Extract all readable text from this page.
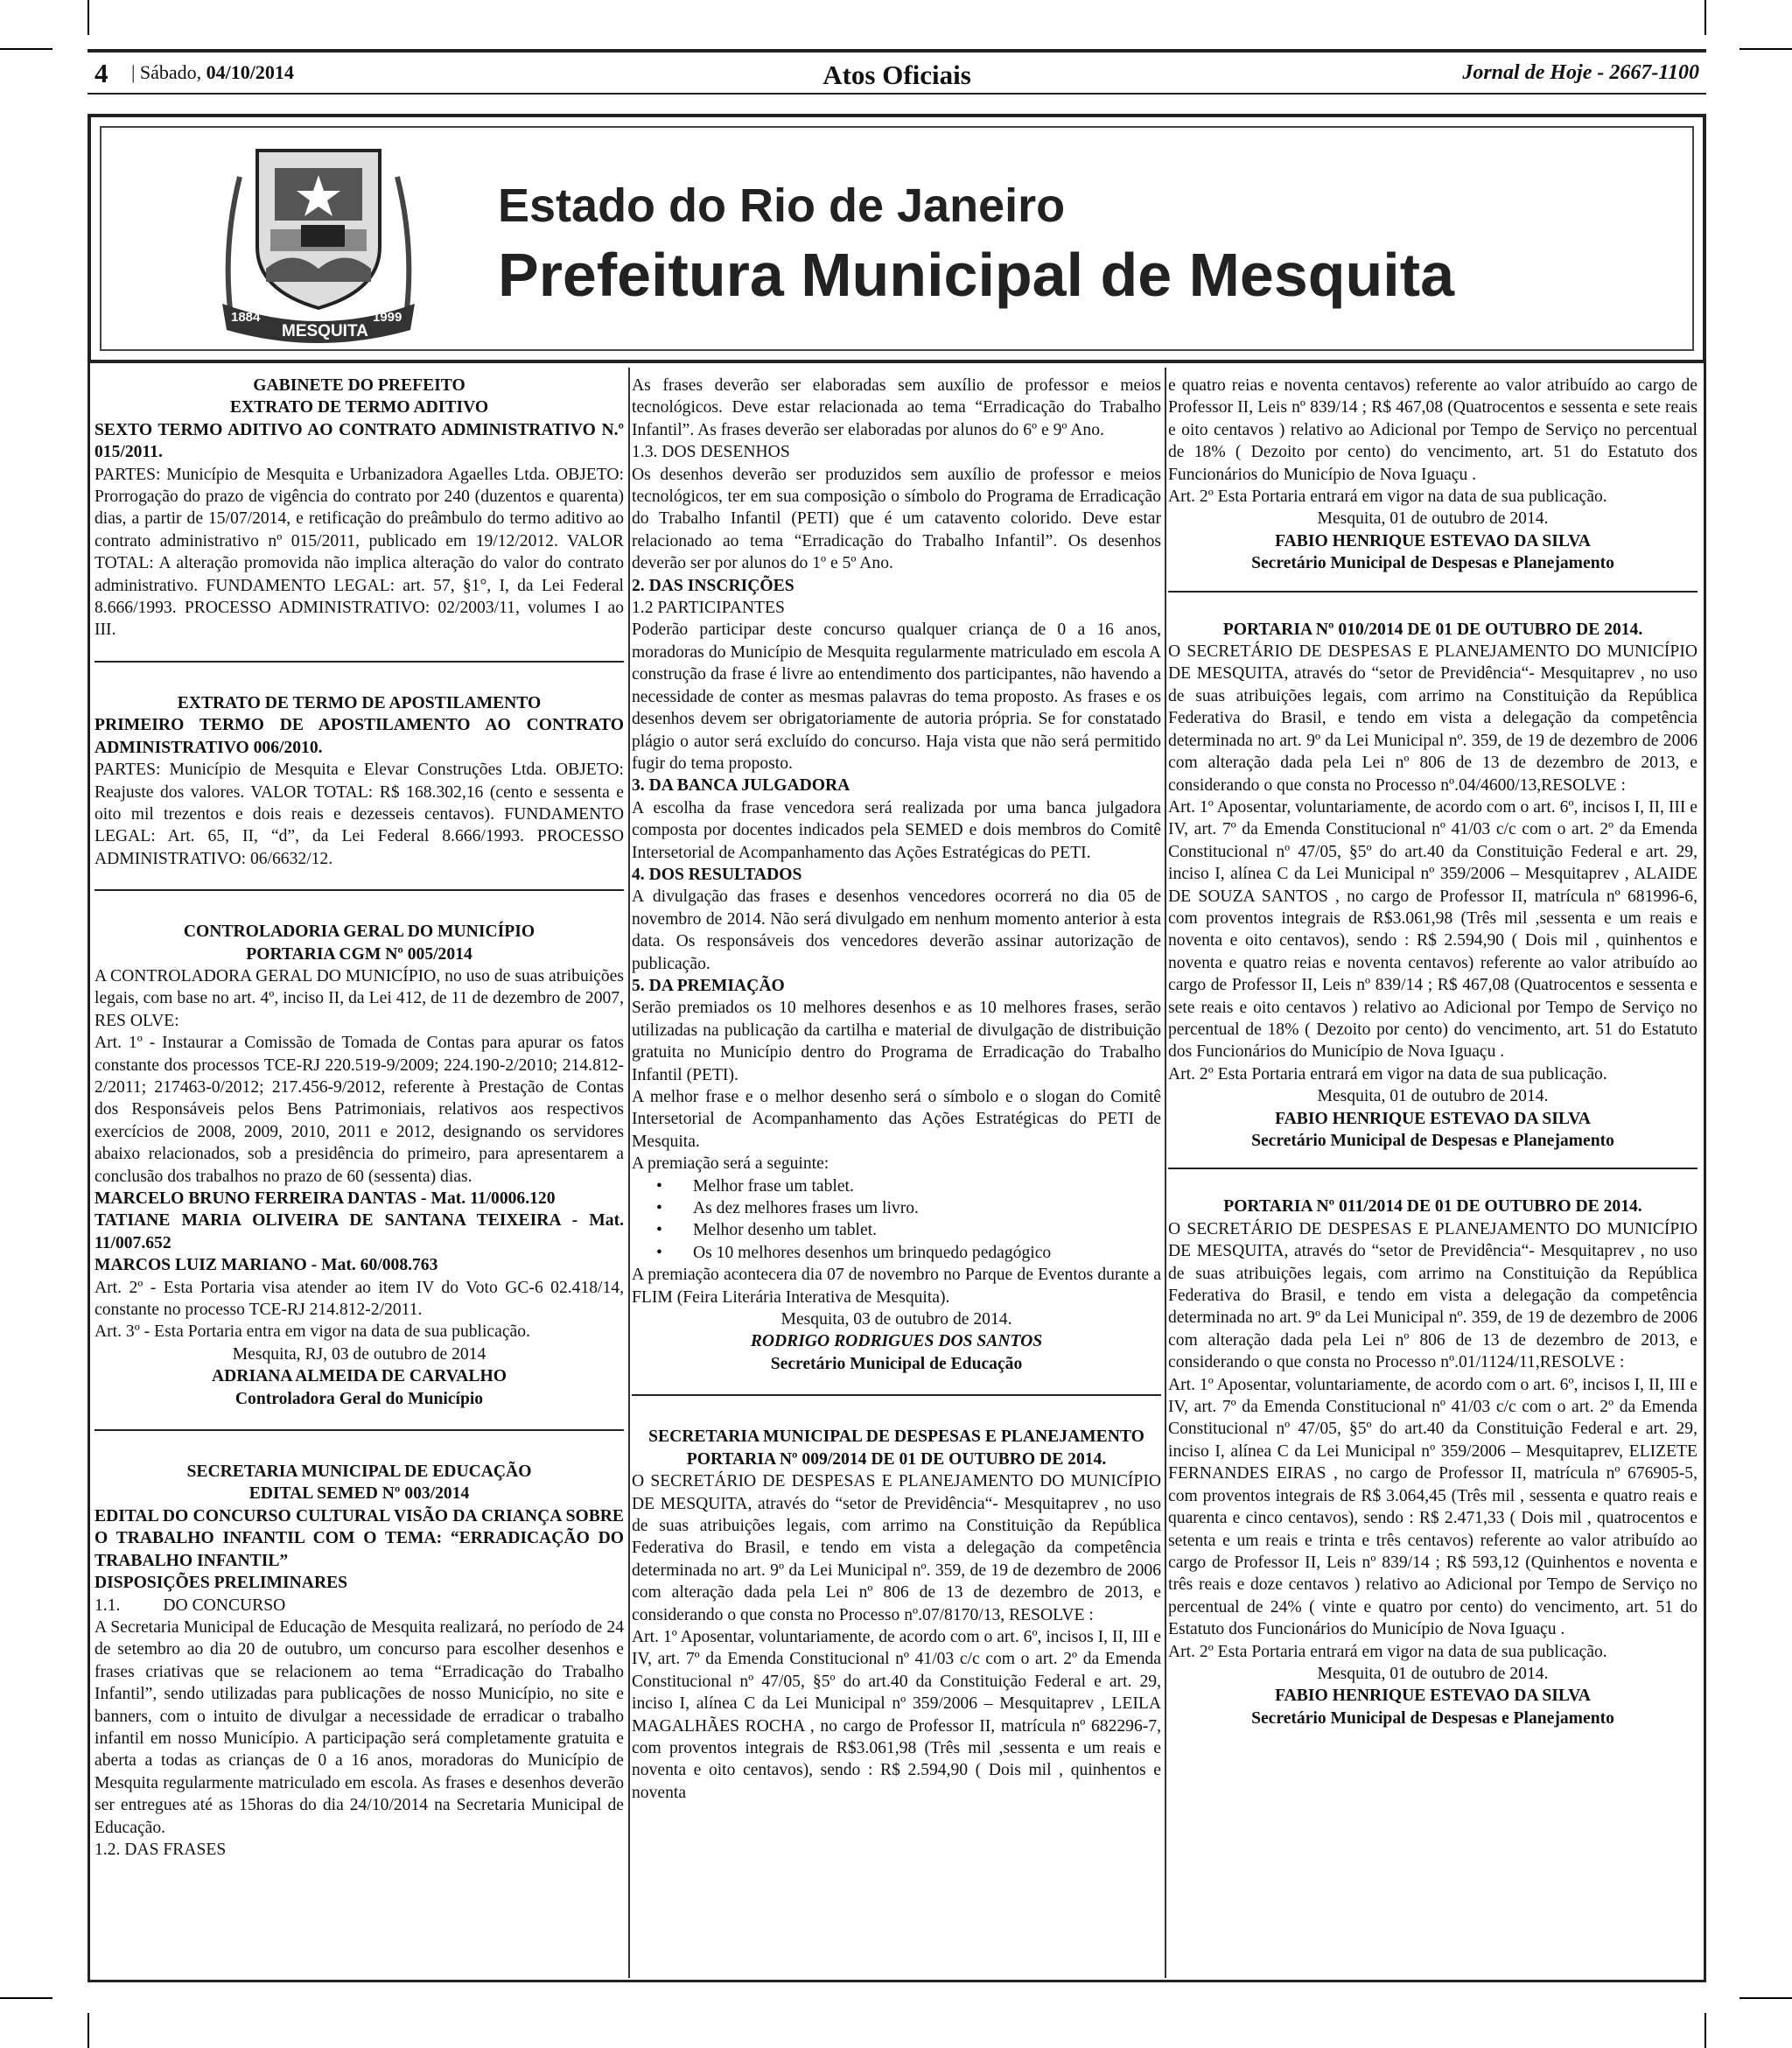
4 | Sábado, 04/10/2014	Atos Oficiais	Jornal de Hoje - 2667-1100
1884
MESQUITA
1999
Estado do Rio de Janeiro
Prefeitura Municipal de Mesquita

GABINETE DO PREFEITO

EXTRATO DE TERMO ADITIVO

SEXTO TERMO ADITIVO AO CONTRATO ADMINISTRATIVO N.º 015/2011.

PARTES: Município de Mesquita e Urbanizadora Agaelles Ltda. OBJETO: Prorrogação do prazo de vigência do contrato por 240 (duzentos e quarenta) dias, a partir de 15/07/2014, e retificação do preâmbulo do termo aditivo ao contrato administrativo nº 015/2011, publicado em 19/12/2012. VALOR TOTAL: A alteração promovida não implica alteração do valor do contrato administrativo. FUNDAMENTO LEGAL: art. 57, §1°, I, da Lei Federal 8.666/1993. PROCESSO ADMINISTRATIVO: 02/2003/11, volumes I ao III.

EXTRATO DE TERMO DE APOSTILAMENTO

PRIMEIRO TERMO DE APOSTILAMENTO AO CONTRATO ADMINISTRATIVO 006/2010.

PARTES: Município de Mesquita e Elevar Construções Ltda. OBJETO: Reajuste dos valores. VALOR TOTAL: R$ 168.302,16 (cento e sessenta e oito mil trezentos e dois reais e dezesseis centavos). FUNDAMENTO LEGAL: Art. 65, II, “d”, da Lei Federal 8.666/1993. PROCESSO ADMINISTRATIVO: 06/6632/12.

CONTROLADORIA GERAL DO MUNICÍPIO

PORTARIA CGM Nº 005/2014

A CONTROLADORA GERAL DO MUNICÍPIO, no uso de suas atribuições legais, com base no art. 4º, inciso II, da Lei 412, de 11 de dezembro de 2007, RES OLVE:

Art. 1º - Instaurar a Comissão de Tomada de Contas para apurar os fatos constante dos processos TCE-RJ 220.519-9/2009; 224.190-2/2010; 214.812-2/2011; 217463-0/2012; 217.456-9/2012, referente à Prestação de Contas dos Responsáveis pelos Bens Patrimoniais, relativos aos respectivos exercícios de 2008, 2009, 2010, 2011 e 2012, designando os servidores abaixo relacionados, sob a presidência do primeiro, para apresentarem a conclusão dos trabalhos no prazo de 60 (sessenta) dias.

MARCELO BRUNO FERREIRA DANTAS - Mat. 11/0006.120

TATIANE MARIA OLIVEIRA DE SANTANA TEIXEIRA - Mat. 11/007.652

MARCOS LUIZ MARIANO - Mat. 60/008.763

Art. 2º - Esta Portaria visa atender ao item IV do Voto GC-6 02.418/14, constante no processo TCE-RJ 214.812-2/2011.

Art. 3º - Esta Portaria entra em vigor na data de sua publicação.

Mesquita, RJ, 03 de outubro de 2014

ADRIANA ALMEIDA DE CARVALHO

Controladora Geral do Município

SECRETARIA MUNICIPAL DE EDUCAÇÃO

EDITAL SEMED Nº 003/2014

EDITAL DO CONCURSO CULTURAL VISÃO DA CRIANÇA SOBRE O TRABALHO INFANTIL COM O TEMA: “ERRADICAÇÃO DO TRABALHO INFANTIL”

DISPOSIÇÕES PRELIMINARES

1.1.          DO CONCURSO

A Secretaria Municipal de Educação de Mesquita realizará, no período de 24 de setembro ao dia 20 de outubro, um concurso para escolher desenhos e frases criativas que se relacionem ao tema “Erradicação do Trabalho Infantil”, sendo utilizadas para publicações de nosso Município, no site e banners, com o intuito de divulgar a necessidade de erradicar o trabalho infantil em nosso Município. A participação será completamente gratuita e aberta a todas as crianças de 0 a 16 anos, moradoras do Município de Mesquita regularmente matriculado em escola. As frases e desenhos deverão ser entregues até as 15horas do dia 24/10/2014 na Secretaria Municipal de Educação.

1.2. DAS FRASES

As frases deverão ser elaboradas sem auxílio de professor e meios tecnológicos. Deve estar relacionada ao tema “Erradicação do Trabalho Infantil”. As frases deverão ser elaboradas por alunos do 6º e 9º Ano.

1.3. DOS DESENHOS

Os desenhos deverão ser produzidos sem auxílio de professor e meios tecnológicos, ter em sua composição o símbolo do Programa de Erradicação do Trabalho Infantil (PETI) que é um catavento colorido. Deve estar relacionado ao tema “Erradicação do Trabalho Infantil”. Os desenhos deverão ser por alunos do 1º e 5º Ano.

2. DAS INSCRIÇÕES

1.2 PARTICIPANTES

Poderão participar deste concurso qualquer criança de 0 a 16 anos, moradoras do Município de Mesquita regularmente matriculado em escola A construção da frase é livre ao entendimento dos participantes, não havendo a necessidade de conter as mesmas palavras do tema proposto. As frases e os desenhos devem ser obrigatoriamente de autoria própria. Se for constatado plágio o autor será excluído do concurso. Haja vista que não será permitido fugir do tema proposto.

3. DA BANCA JULGADORA

A escolha da frase vencedora será realizada por uma banca julgadora composta por docentes indicados pela SEMED e dois membros do Comitê Intersetorial de Acompanhamento das Ações Estratégicas do PETI.

4. DOS RESULTADOS

A divulgação das frases e desenhos vencedores ocorrerá no dia 05 de novembro de 2014. Não será divulgado em nenhum momento anterior à esta data. Os responsáveis dos vencedores deverão assinar autorização de publicação.

5. DA PREMIAÇÃO

Serão premiados os 10 melhores desenhos e as 10 melhores frases, serão utilizadas na publicação da cartilha e material de divulgação de distribuição gratuita no Município dentro do Programa de Erradicação do Trabalho Infantil (PETI).

A melhor frase e o melhor desenho será o símbolo e o slogan do Comitê Intersetorial de Acompanhamento das Ações Estratégicas do PETI de Mesquita.

A premiação será a seguinte:

• Melhor frase um tablet.
• As dez melhores frases um livro.
• Melhor desenho um tablet.
• Os 10 melhores desenhos um brinquedo pedagógico

A premiação acontecera dia 07 de novembro no Parque de Eventos durante a FLIM (Feira Literária Interativa de Mesquita).

Mesquita, 03 de outubro de 2014.

RODRIGO RODRIGUES DOS SANTOS

Secretário Municipal de Educação

SECRETARIA MUNICIPAL DE DESPESAS E PLANEJAMENTO

PORTARIA Nº 009/2014 DE 01 DE OUTUBRO DE 2014.

O SECRETÁRIO DE DESPESAS E PLANEJAMENTO DO MUNICÍPIO DE MESQUITA, através do “setor de Previdência“- Mesquitaprev , no uso de suas atribuições legais, com arrimo na Constituição da República Federativa do Brasil, e tendo em vista a delegação da competência determinada no art. 9º da Lei Municipal nº. 359, de 19 de dezembro de 2006 com alteração dada pela Lei nº 806 de 13 de dezembro de 2013, e considerando o que consta no Processo nº.07/8170/13, RESOLVE :

Art. 1º Aposentar, voluntariamente, de acordo com o art. 6º, incisos I, II, III e IV, art. 7º da Emenda Constitucional nº 41/03 c/c com o art. 2º da Emenda Constitucional nº 47/05, §5º do art.40 da Constituição Federal e art. 29, inciso I, alínea C da Lei Municipal nº 359/2006 – Mesquitaprev , LEILA MAGALHÃES ROCHA , no cargo de Professor II, matrícula nº 682296-7, com proventos integrais de R$3.061,98 (Três mil ,sessenta e um reais e noventa e oito centavos), sendo : R$ 2.594,90 ( Dois mil , quinhentos e noventa

e quatro reias e noventa centavos) referente ao valor atribuído ao cargo de Professor II, Leis nº 839/14 ; R$ 467,08 (Quatrocentos e sessenta e sete reais e oito centavos ) relativo ao Adicional por Tempo de Serviço no percentual de 18% ( Dezoito por cento) do vencimento, art. 51 do Estatuto dos Funcionários do Município de Nova Iguaçu .

Art. 2º Esta Portaria entrará em vigor na data de sua publicação.

Mesquita, 01 de outubro de 2014.

FABIO HENRIQUE ESTEVAO DA SILVA

Secretário Municipal de Despesas e Planejamento

PORTARIA Nº 010/2014 DE 01 DE OUTUBRO DE 2014.

O SECRETÁRIO DE DESPESAS E PLANEJAMENTO DO MUNICÍPIO DE MESQUITA, através do “setor de Previdência“- Mesquitaprev , no uso de suas atribuições legais, com arrimo na Constituição da República Federativa do Brasil, e tendo em vista a delegação da competência determinada no art. 9º da Lei Municipal nº. 359, de 19 de dezembro de 2006 com alteração dada pela Lei nº 806 de 13 de dezembro de 2013, e considerando o que consta no Processo nº.04/4600/13,RESOLVE :

Art. 1º Aposentar, voluntariamente, de acordo com o art. 6º, incisos I, II, III e IV, art. 7º da Emenda Constitucional nº 41/03 c/c com o art. 2º da Emenda Constitucional nº 47/05, §5º do art.40 da Constituição Federal e art. 29, inciso I, alínea C da Lei Municipal nº 359/2006 – Mesquitaprev , ALAIDE DE SOUZA SANTOS , no cargo de Professor II, matrícula nº 681996-6, com proventos integrais de R$3.061,98 (Três mil ,sessenta e um reais e noventa e oito centavos), sendo : R$ 2.594,90 ( Dois mil , quinhentos e noventa e quatro reias e noventa centavos) referente ao valor atribuído ao cargo de Professor II, Leis nº 839/14 ; R$ 467,08 (Quatrocentos e sessenta e sete reais e oito centavos ) relativo ao Adicional por Tempo de Serviço no percentual de 18% ( Dezoito por cento) do vencimento, art. 51 do Estatuto dos Funcionários do Município de Nova Iguaçu .

Art. 2º Esta Portaria entrará em vigor na data de sua publicação.

Mesquita, 01 de outubro de 2014.

FABIO HENRIQUE ESTEVAO DA SILVA

Secretário Municipal de Despesas e Planejamento

PORTARIA Nº 011/2014 DE 01 DE OUTUBRO DE 2014.

O SECRETÁRIO DE DESPESAS E PLANEJAMENTO DO MUNICÍPIO DE MESQUITA, através do “setor de Previdência“- Mesquitaprev , no uso de suas atribuições legais, com arrimo na Constituição da República Federativa do Brasil, e tendo em vista a delegação da competência determinada no art. 9º da Lei Municipal nº. 359, de 19 de dezembro de 2006 com alteração dada pela Lei nº 806 de 13 de dezembro de 2013, e considerando o que consta no Processo nº.01/1124/11,RESOLVE :

Art. 1º Aposentar, voluntariamente, de acordo com o art. 6º, incisos I, II, III e IV, art. 7º da Emenda Constitucional nº 41/03 c/c com o art. 2º da Emenda Constitucional nº 47/05, §5º do art.40 da Constituição Federal e art. 29, inciso I, alínea C da Lei Municipal nº 359/2006 – Mesquitaprev, ELIZETE FERNANDES EIRAS , no cargo de Professor II, matrícula nº 676905-5, com proventos integrais de R$ 3.064,45 (Três mil , sessenta e quatro reais e quarenta e cinco centavos), sendo : R$ 2.471,33 ( Dois mil , quatrocentos e setenta e um reais e trinta e três centavos) referente ao valor atribuído ao cargo de Professor II, Leis nº 839/14 ; R$ 593,12 (Quinhentos e noventa e três reais e doze centavos ) relativo ao Adicional por Tempo de Serviço no percentual de 24% ( vinte e quatro por cento) do vencimento, art. 51 do Estatuto dos Funcionários do Município de Nova Iguaçu .

Art. 2º Esta Portaria entrará em vigor na data de sua publicação.

Mesquita, 01 de outubro de 2014.

FABIO HENRIQUE ESTEVAO DA SILVA

Secretário Municipal de Despesas e Planejamento
